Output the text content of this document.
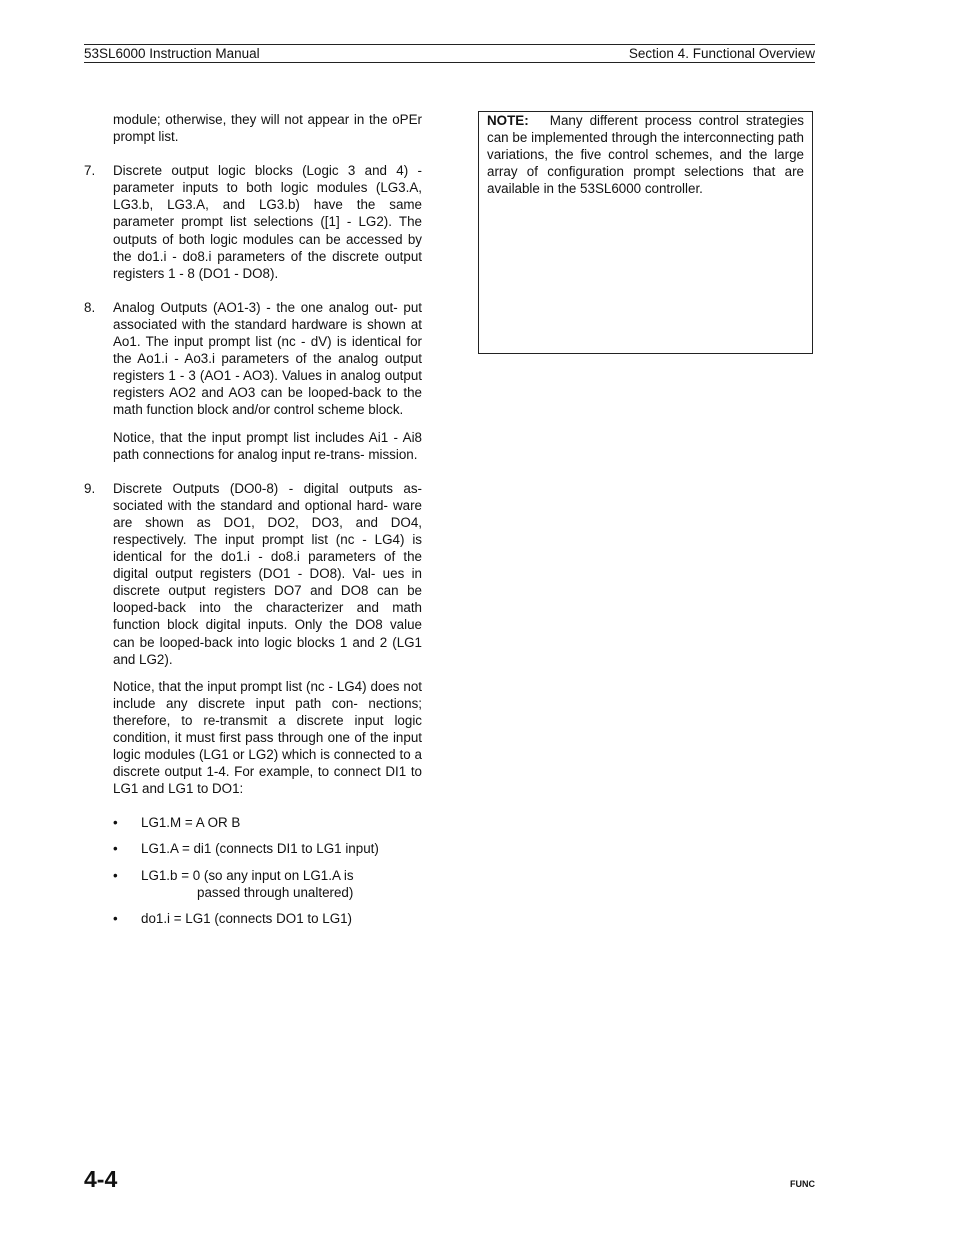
53SL6000 Instruction Manual	Section 4. Functional Overview

module; otherwise, they will not appear in the oPEr prompt list.

7. Discrete output logic blocks (Logic 3 and 4) - parameter inputs to both logic modules (LG3.A, LG3.b, LG3.A, and LG3.b) have the same parameter prompt list selections ([1] - LG2). The outputs of both logic modules can be accessed by the do1.i - do8.i parameters of the discrete output registers 1 - 8 (DO1 - DO8).

8. Analog Outputs (AO1-3) - the one analog out- put associated with the standard hardware is shown at Ao1. The input prompt list (nc - dV) is identical for the Ao1.i - Ao3.i parameters of the analog output registers 1 - 3 (AO1 - AO3). Values in analog output registers AO2 and AO3 can be looped-back to the math function block and/or control scheme block.

Notice, that the input prompt list includes Ai1 - Ai8 path connections for analog input re-trans- mission.

9. Discrete Outputs (DO0-8) - digital outputs as- sociated with the standard and optional hard- ware are shown as DO1, DO2, DO3, and DO4, respectively. The input prompt list (nc - LG4) is identical for the do1.i - do8.i parameters of the digital output registers (DO1 - DO8). Val- ues in discrete output registers DO7 and DO8 can be looped-back into the characterizer and math function block digital inputs. Only the DO8 value can be looped-back into logic blocks 1 and 2 (LG1 and LG2).

Notice, that the input prompt list (nc - LG4) does not include any discrete input path con- nections; therefore, to re-transmit a discrete input logic condition, it must first pass through one of the input logic modules (LG1 or LG2) which is connected to a discrete output 1-4. For example, to connect DI1 to LG1 and LG1 to DO1:

• LG1.M = A OR B
• LG1.A = di1 (connects DI1 to LG1 input)
• LG1.b = 0 (so any input on LG1.A is
passed through unaltered)
• do1.i = LG1 (connects DO1 to LG1)
NOTE: Many different process control strategies can be implemented through the interconnecting path variations, the five control schemes, and the large array of configuration prompt selections that are available in the 53SL6000 controller.
4-4	FUNC
